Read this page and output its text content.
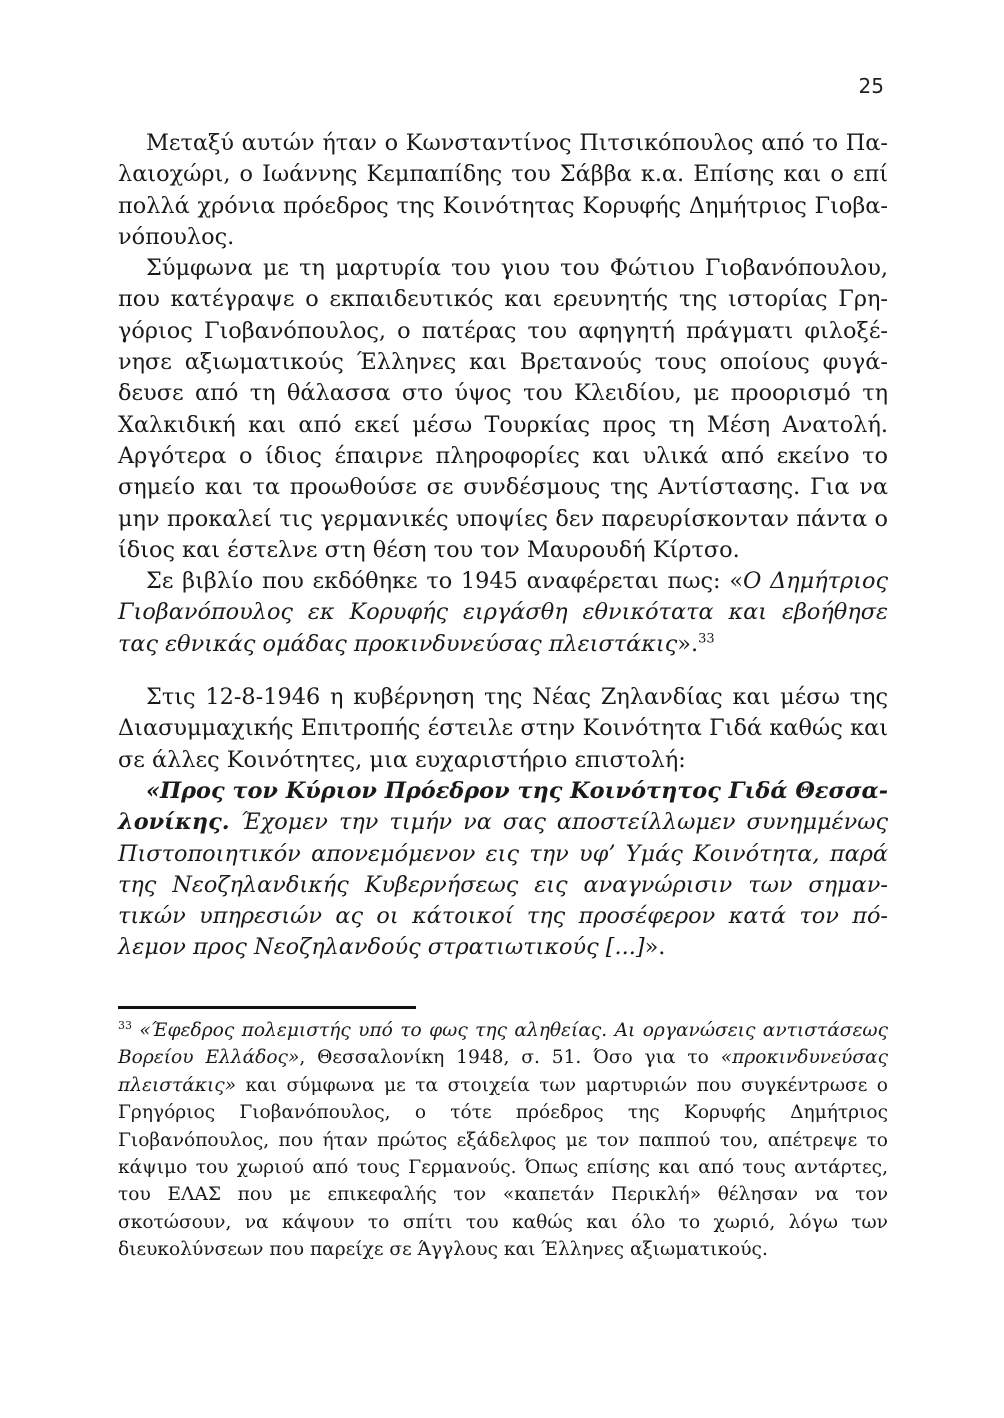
25

Μεταξύ αυτών ήταν ο Κωνσταντίνος Πιτσικόπουλος από το Παλαιοχώρι, ο Ιωάννης Κεμπαπίδης του Σάββα κ.α. Επίσης και ο επί πολλά χρόνια πρόεδρος της Κοινότητας Κορυφής Δημήτριος Γιοβανόπουλος.

Σύμφωνα με τη μαρτυρία του γιου του Φώτιου Γιοβανόπουλου, που κατέγραψε ο εκπαιδευτικός και ερευνητής της ιστορίας Γρηγόριος Γιοβανόπουλος, ο πατέρας του αφηγητή πράγματι φιλοξένησε αξιωματικούς Έλληνες και Βρετανούς τους οποίους φυγάδευσε από τη θάλασσα στο ύψος του Κλειδίου, με προορισμό τη Χαλκιδική και από εκεί μέσω Τουρκίας προς τη Μέση Ανατολή. Αργότερα ο ίδιος έπαιρνε πληροφορίες και υλικά από εκείνο το σημείο και τα προωθούσε σε συνδέσμους της Αντίστασης. Για να μην προκαλεί τις γερμανικές υποψίες δεν παρευρίσκονταν πάντα ο ίδιος και έστελνε στη θέση του τον Μαυρουδή Κίρτσο.

Σε βιβλίο που εκδόθηκε το 1945 αναφέρεται πως: «Ο Δημήτριος Γιοβανόπουλος εκ Κορυφής ειργάσθη εθνικότατα και εβοήθησε τας εθνικάς ομάδας προκινδυνεύσας πλειστάκις».$^{33}$

Στις 12-8-1946 η κυβέρνηση της Νέας Ζηλανδίας και μέσω της Διασυμμαχικής Επιτροπής έστειλε στην Κοινότητα Γιδά καθώς και σε άλλες Κοινότητες, μια ευχαριστήριο επιστολή:

«Προς τον Κύριον Πρόεδρον της Κοινότητος Γιδά Θεσσαλονίκης. Έχομεν την τιμήν να σας αποστείλλωμεν συνημμένως Πιστοποιητικόν απονεμόμενον εις την υφ’ Υμάς Κοινότητα, παρά της Νεοζηλανδικής Κυβερνήσεως εις αναγνώρισιν των σημαντικών υπηρεσιών ας οι κάτοικοί της προσέφερον κατά τον πόλεμον προς Νεοζηλανδούς στρατιωτικούς [...]».

$^{33}$ «Έφεδρος πολεμιστής υπό το φως της αληθείας. Αι οργανώσεις αντιστάσεως Βορείου Ελλάδος», Θεσσαλονίκη 1948, σ. 51. Όσο για το «προκινδυνεύσας πλειστάκις» και σύμφωνα με τα στοιχεία των μαρτυριών που συγκέντρωσε ο Γρηγόριος Γιοβανόπουλος, ο τότε πρόεδρος της Κορυφής Δημήτριος Γιοβανόπουλος, που ήταν πρώτος εξάδελφος με τον παππού του, απέτρεψε το κάψιμο του χωριού από τους Γερμανούς. Όπως επίσης και από τους αντάρτες, του ΕΛΑΣ που με επικεφαλής τον «καπετάν Περικλή» θέλησαν να τον σκοτώσουν, να κάψουν το σπίτι του καθώς και όλο το χωριό, λόγω των διευκολύνσεων που παρείχε σε Άγγλους και Έλληνες αξιωματικούς.
